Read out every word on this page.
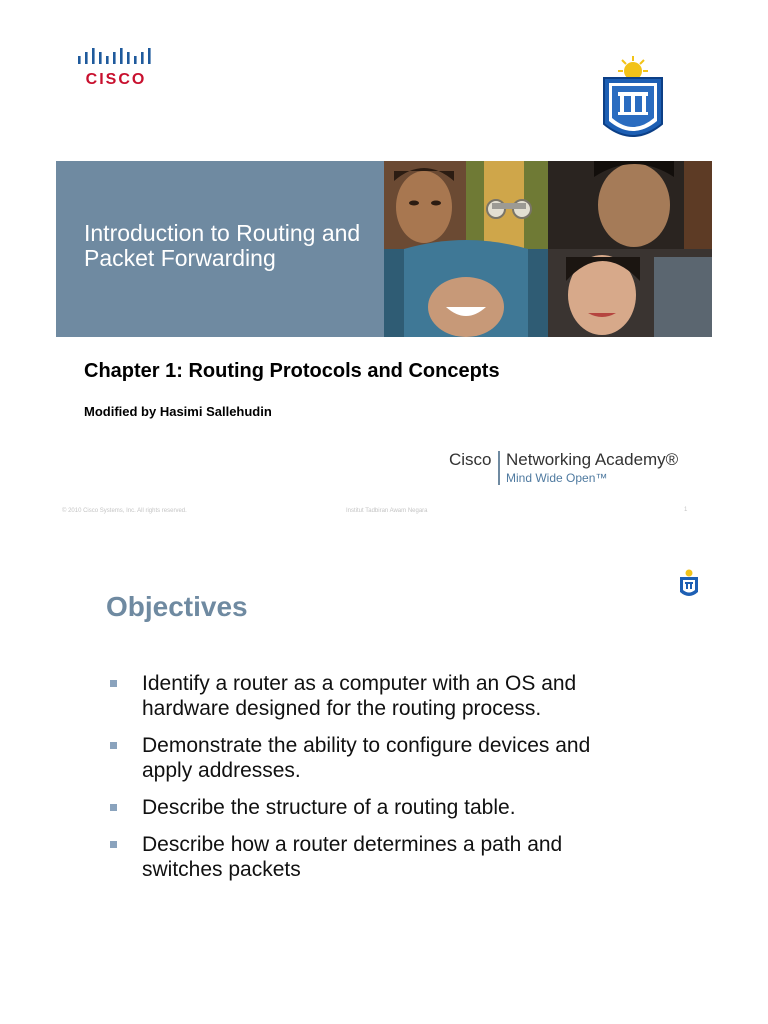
CISCO
Introduction to Routing and Packet Forwarding
Chapter 1: Routing Protocols and Concepts
Modified by Hasimi Sallehudin
Cisco Networking Academy®
Mind Wide Open™
© 2010 Cisco Systems, Inc. All rights reserved.	Institut Tadbiran Awam Negara	1
Objectives
Identify a router as a computer with an OS and hardware designed for the routing process.
Demonstrate the ability to configure devices and apply addresses.
Describe the structure of a routing table.
Describe how a router determines a path and switches packets
